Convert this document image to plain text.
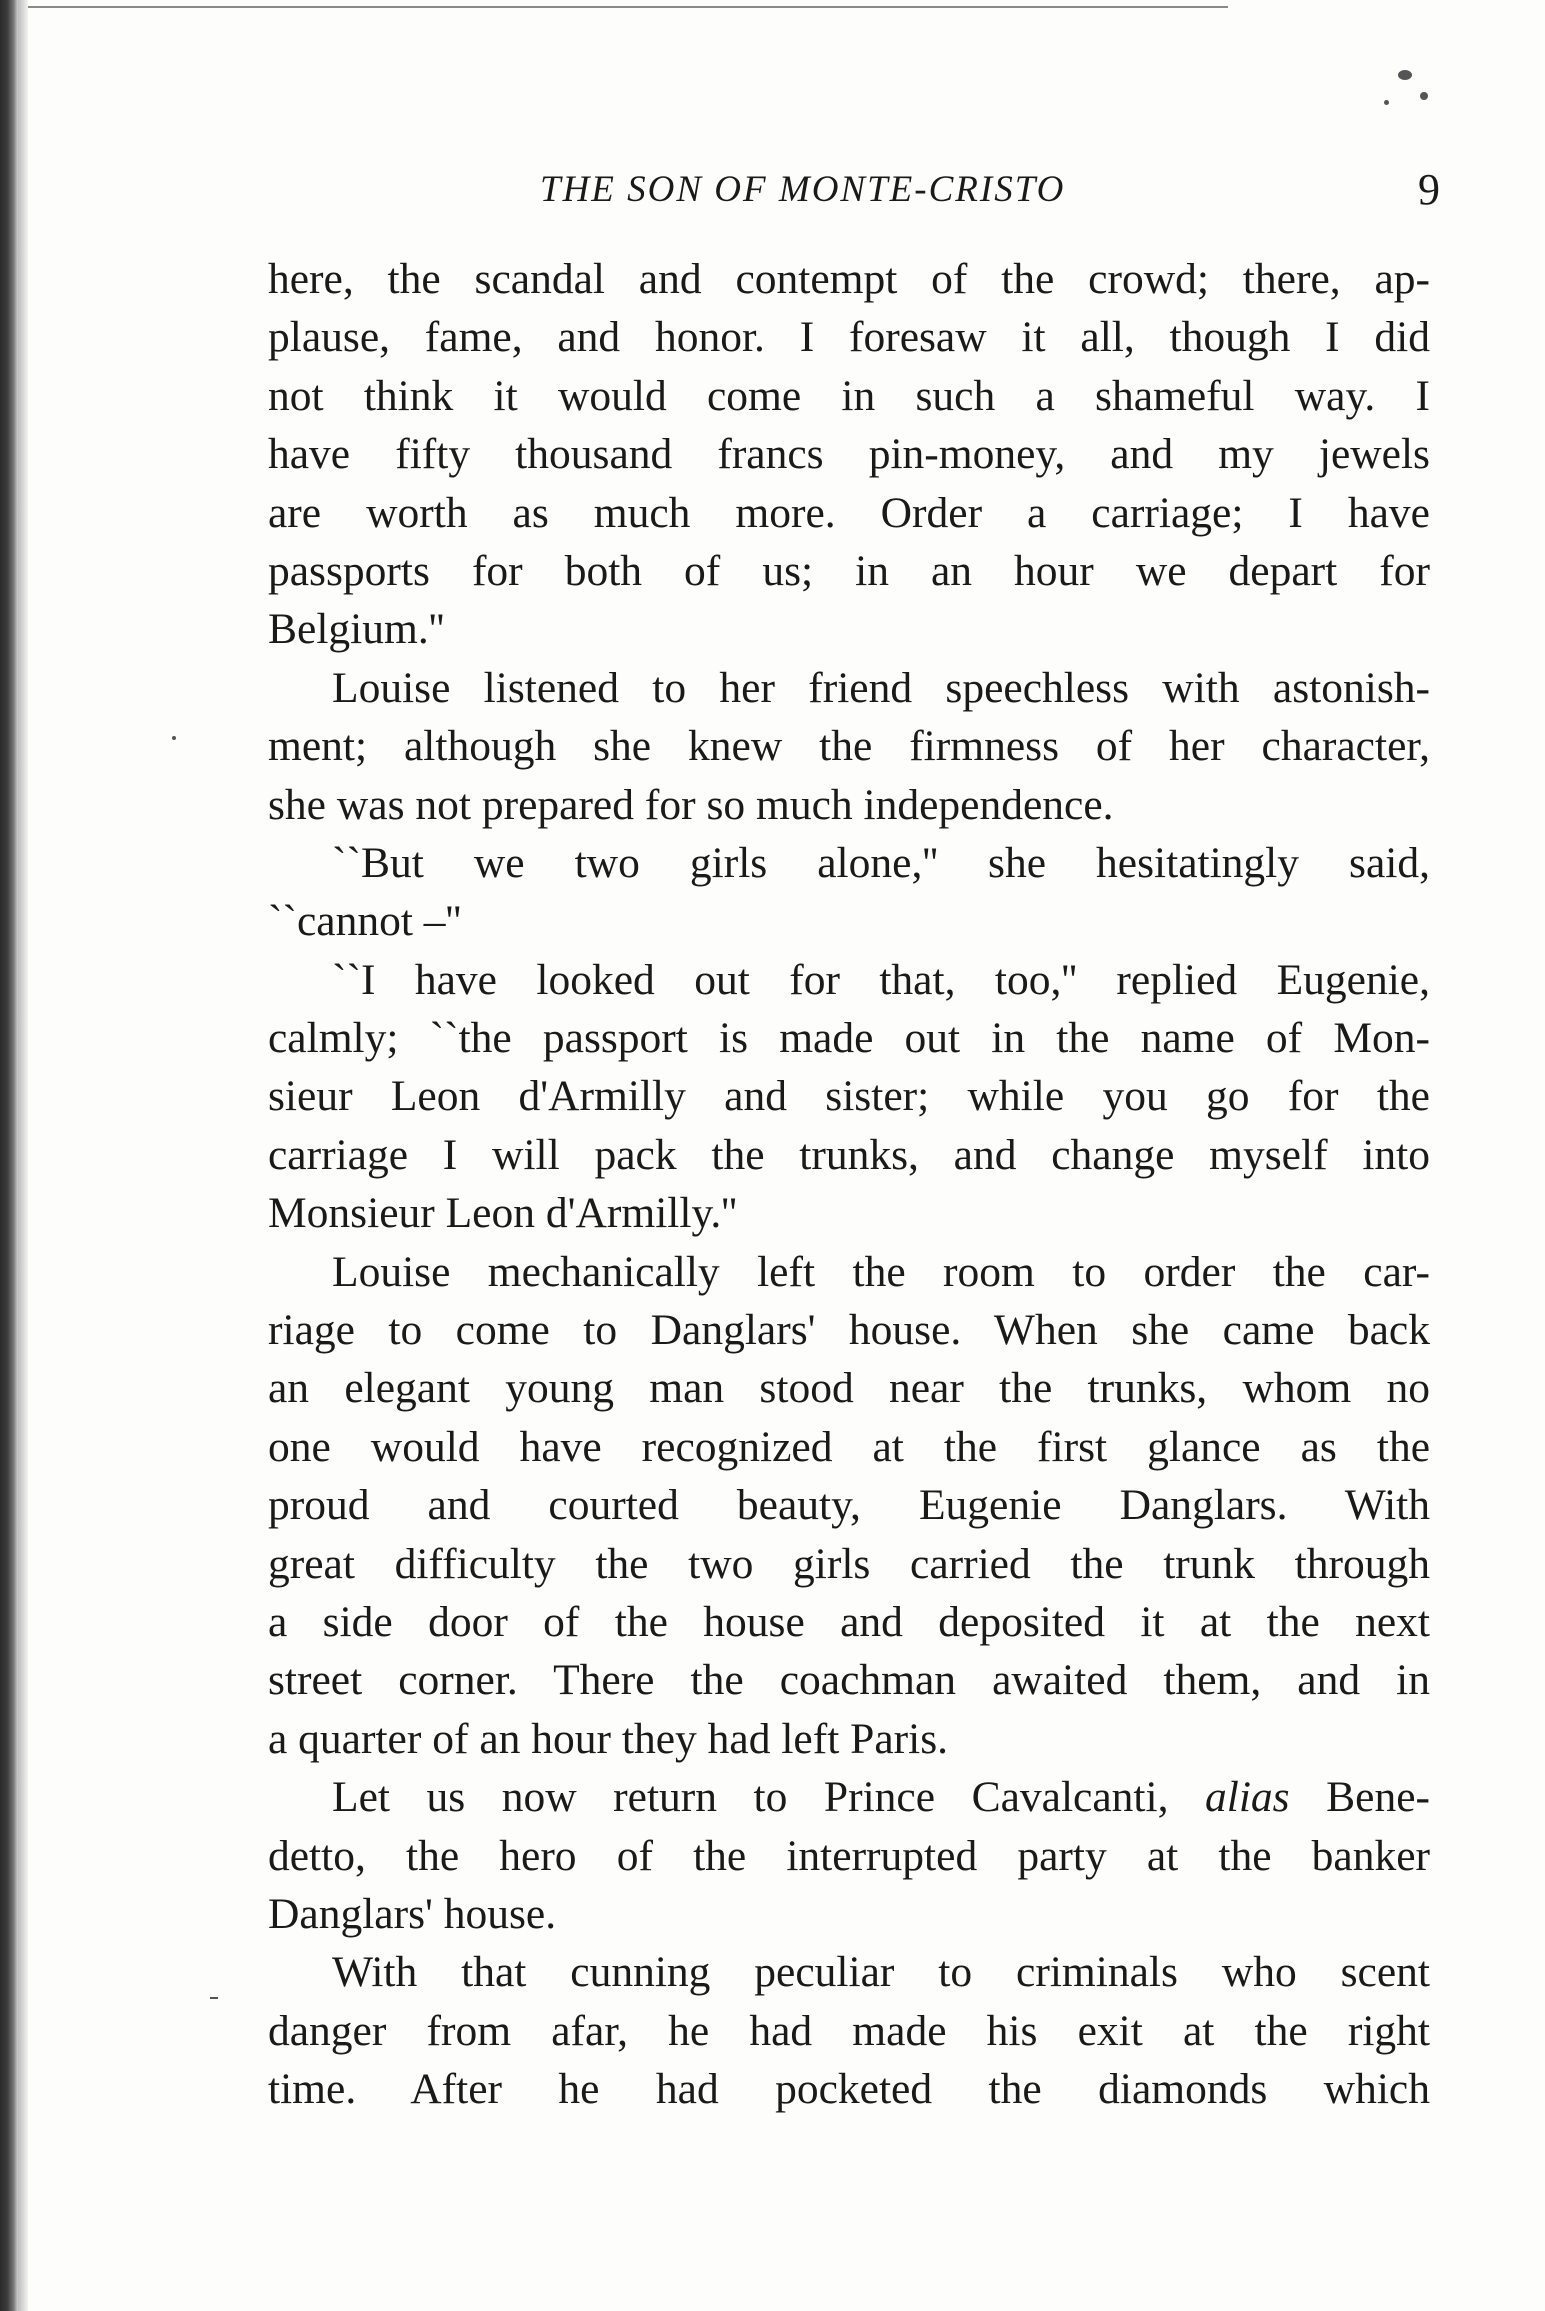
THE SON OF MONTE-CRISTO	9
here, the scandal and contempt of the crowd; there, ap-
plause, fame, and honor. I foresaw it all, though I did
not think it would come in such a shameful way. I
have fifty thousand francs pin-money, and my jewels
are worth as much more. Order a carriage; I have
passports for both of us; in an hour we depart for
Belgium.''
Louise listened to her friend speechless with astonish-
ment; although she knew the firmness of her character,
she was not prepared for so much independence.
``But we two girls alone,'' she hesitatingly said,
``cannot –''
``I have looked out for that, too,'' replied Eugenie,
calmly; ``the passport is made out in the name of Mon-
sieur Leon d'Armilly and sister; while you go for the
carriage I will pack the trunks, and change myself into
Monsieur Leon d'Armilly.''
Louise mechanically left the room to order the car-
riage to come to Danglars' house. When she came back
an elegant young man stood near the trunks, whom no
one would have recognized at the first glance as the
proud and courted beauty, Eugenie Danglars. With
great difficulty the two girls carried the trunk through
a side door of the house and deposited it at the next
street corner. There the coachman awaited them, and in
a quarter of an hour they had left Paris.
Let us now return to Prince Cavalcanti, alias Bene-
detto, the hero of the interrupted party at the banker
Danglars' house.
With that cunning peculiar to criminals who scent
danger from afar, he had made his exit at the right
time. After he had pocketed the diamonds which
